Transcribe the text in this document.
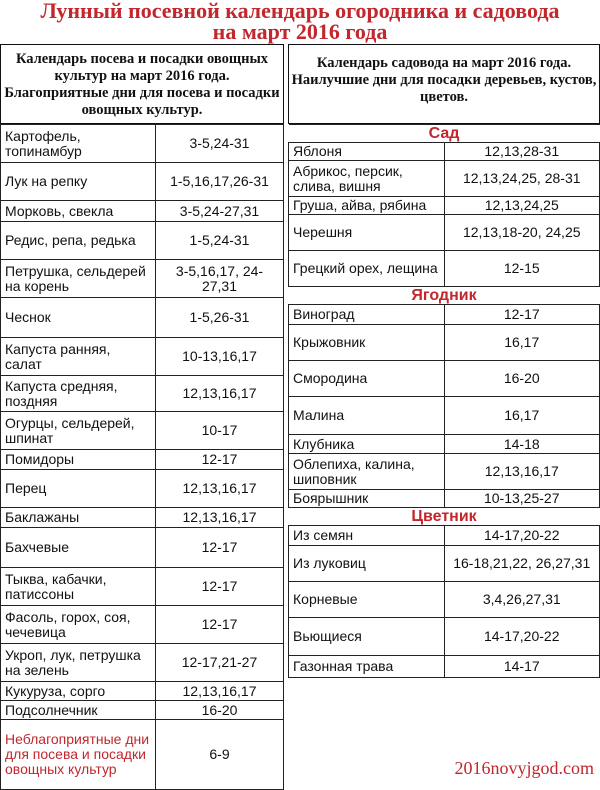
Лунный посевной календарь огородника и садовода
на март 2016 года
Календарь посева и посадки овощных культур на март 2016 года. Благоприятные дни для посева и посадки овощных культур.
Картофель, топинамбур	3-5,24-31
Лук на репку	1-5,16,17,26-31
Морковь, свекла	3-5,24-27,31
Редис, репа, редька	1-5,24-31
Петрушка, сельдерей на корень	3-5,16,17, 24-27,31
Чеснок	1-5,26-31
Капуста ранняя, салат	10-13,16,17
Капуста средняя, поздняя	12,13,16,17
Огурцы, сельдерей, шпинат	10-17
Помидоры	12-17
Перец	12,13,16,17
Баклажаны	12,13,16,17
Бахчевые	12-17
Тыква, кабачки, патиссоны	12-17
Фасоль, горох, соя, чечевица	12-17
Укроп, лук, петрушка на зелень	12-17,21-27
Кукуруза, сорго	12,13,16,17
Подсолнечник	16-20
Неблагоприятные дни для посева и посадки овощных культур	6-9
Календарь садовода на март 2016 года. Наилучшие дни для посадки деревьев, кустов, цветов.
Сад	
Яблоня	12,13,28-31
Абрикос, персик, слива, вишня	12,13,24,25, 28-31
Груша, айва, рябина	12,13,24,25
Черешня	12,13,18-20, 24,25
Грецкий орех, лещина	12-15
Ягодник	
Виноград	12-17
Крыжовник	16,17
Смородина	16-20
Малина	16,17
Клубника	14-18
Облепиха, калина, шиповник	12,13,16,17
Боярышник	10-13,25-27
Цветник	
Из семян	14-17,20-22
Из луковиц	16-18,21,22, 26,27,31
Корневые	3,4,26,27,31
Вьющиеся	14-17,20-22
Газонная трава	14-17
2016novyjgod.com
